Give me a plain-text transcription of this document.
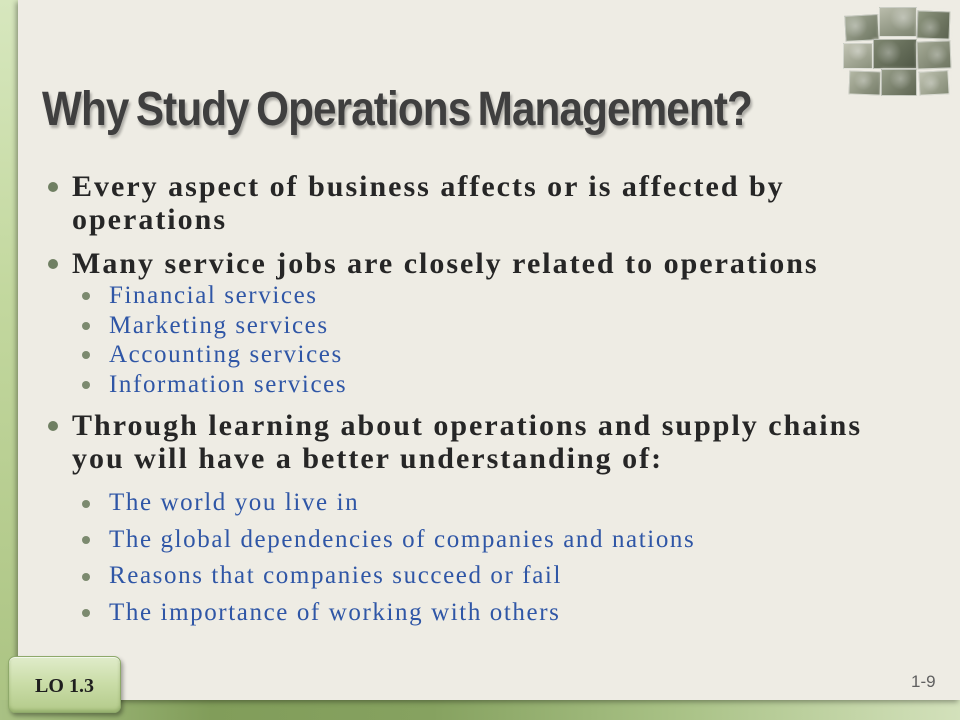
Why Study Operations Management?
Every aspect of business affects or is affected by operations
Many service jobs are closely related to operations
Financial services
Marketing services
Accounting services
Information services
Through learning about operations and supply chains you will have a better understanding of:
The world you live in
The global dependencies of companies and nations
Reasons that companies succeed or fail
The importance of working with others
LO 1.3	1-9
